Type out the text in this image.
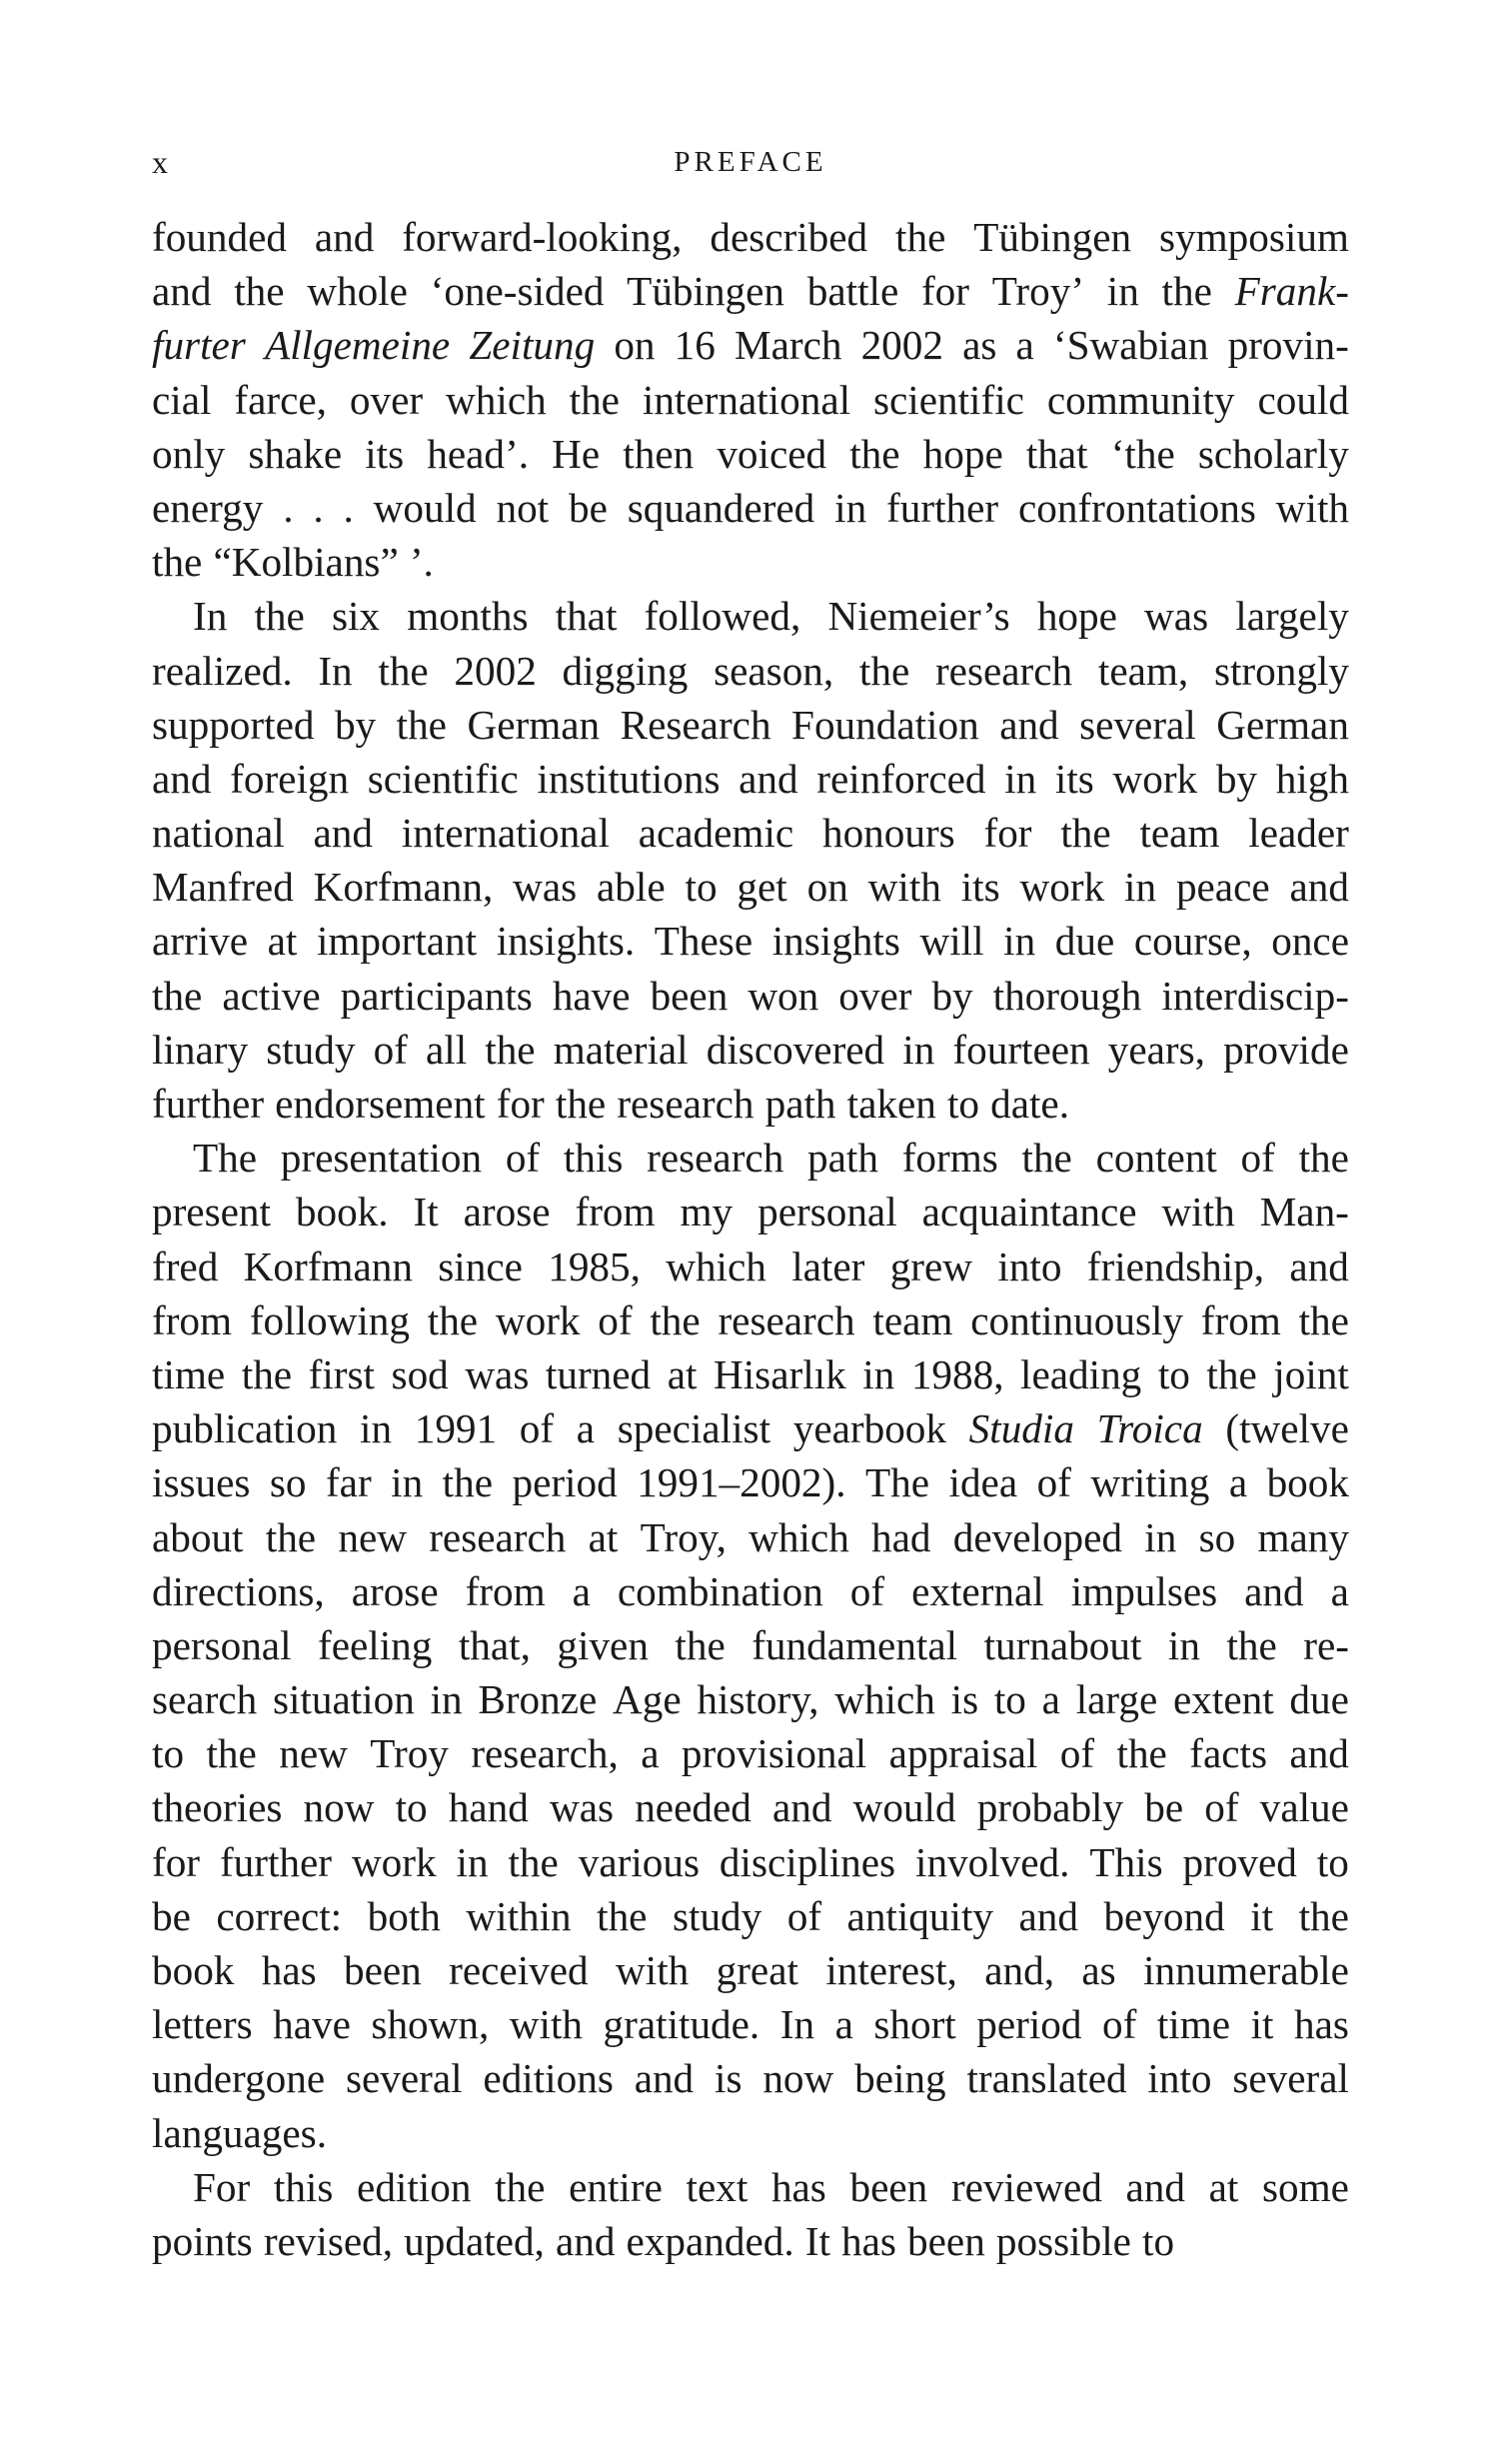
x	PREFACE
founded and forward-looking, described the Tübingen symposium
and the whole ‘one-sided Tübingen battle for Troy’ in the Frank-
furter Allgemeine Zeitung on 16 March 2002 as a ‘Swabian provin-
cial farce, over which the international scientific community could
only shake its head’. He then voiced the hope that ‘the scholarly
energy . . . would not be squandered in further confrontations with
the “Kolbians” ’.
In the six months that followed, Niemeier’s hope was largely
realized. In the 2002 digging season, the research team, strongly
supported by the German Research Foundation and several German
and foreign scientific institutions and reinforced in its work by high
national and international academic honours for the team leader
Manfred Korfmann, was able to get on with its work in peace and
arrive at important insights. These insights will in due course, once
the active participants have been won over by thorough interdiscip-
linary study of all the material discovered in fourteen years, provide
further endorsement for the research path taken to date.
The presentation of this research path forms the content of the
present book. It arose from my personal acquaintance with Man-
fred Korfmann since 1985, which later grew into friendship, and
from following the work of the research team continuously from the
time the first sod was turned at Hisarlık in 1988, leading to the joint
publication in 1991 of a specialist yearbook Studia Troica (twelve
issues so far in the period 1991–2002). The idea of writing a book
about the new research at Troy, which had developed in so many
directions, arose from a combination of external impulses and a
personal feeling that, given the fundamental turnabout in the re-
search situation in Bronze Age history, which is to a large extent due
to the new Troy research, a provisional appraisal of the facts and
theories now to hand was needed and would probably be of value
for further work in the various disciplines involved. This proved to
be correct: both within the study of antiquity and beyond it the
book has been received with great interest, and, as innumerable
letters have shown, with gratitude. In a short period of time it has
undergone several editions and is now being translated into several
languages.
For this edition the entire text has been reviewed and at some
points revised, updated, and expanded. It has been possible to
